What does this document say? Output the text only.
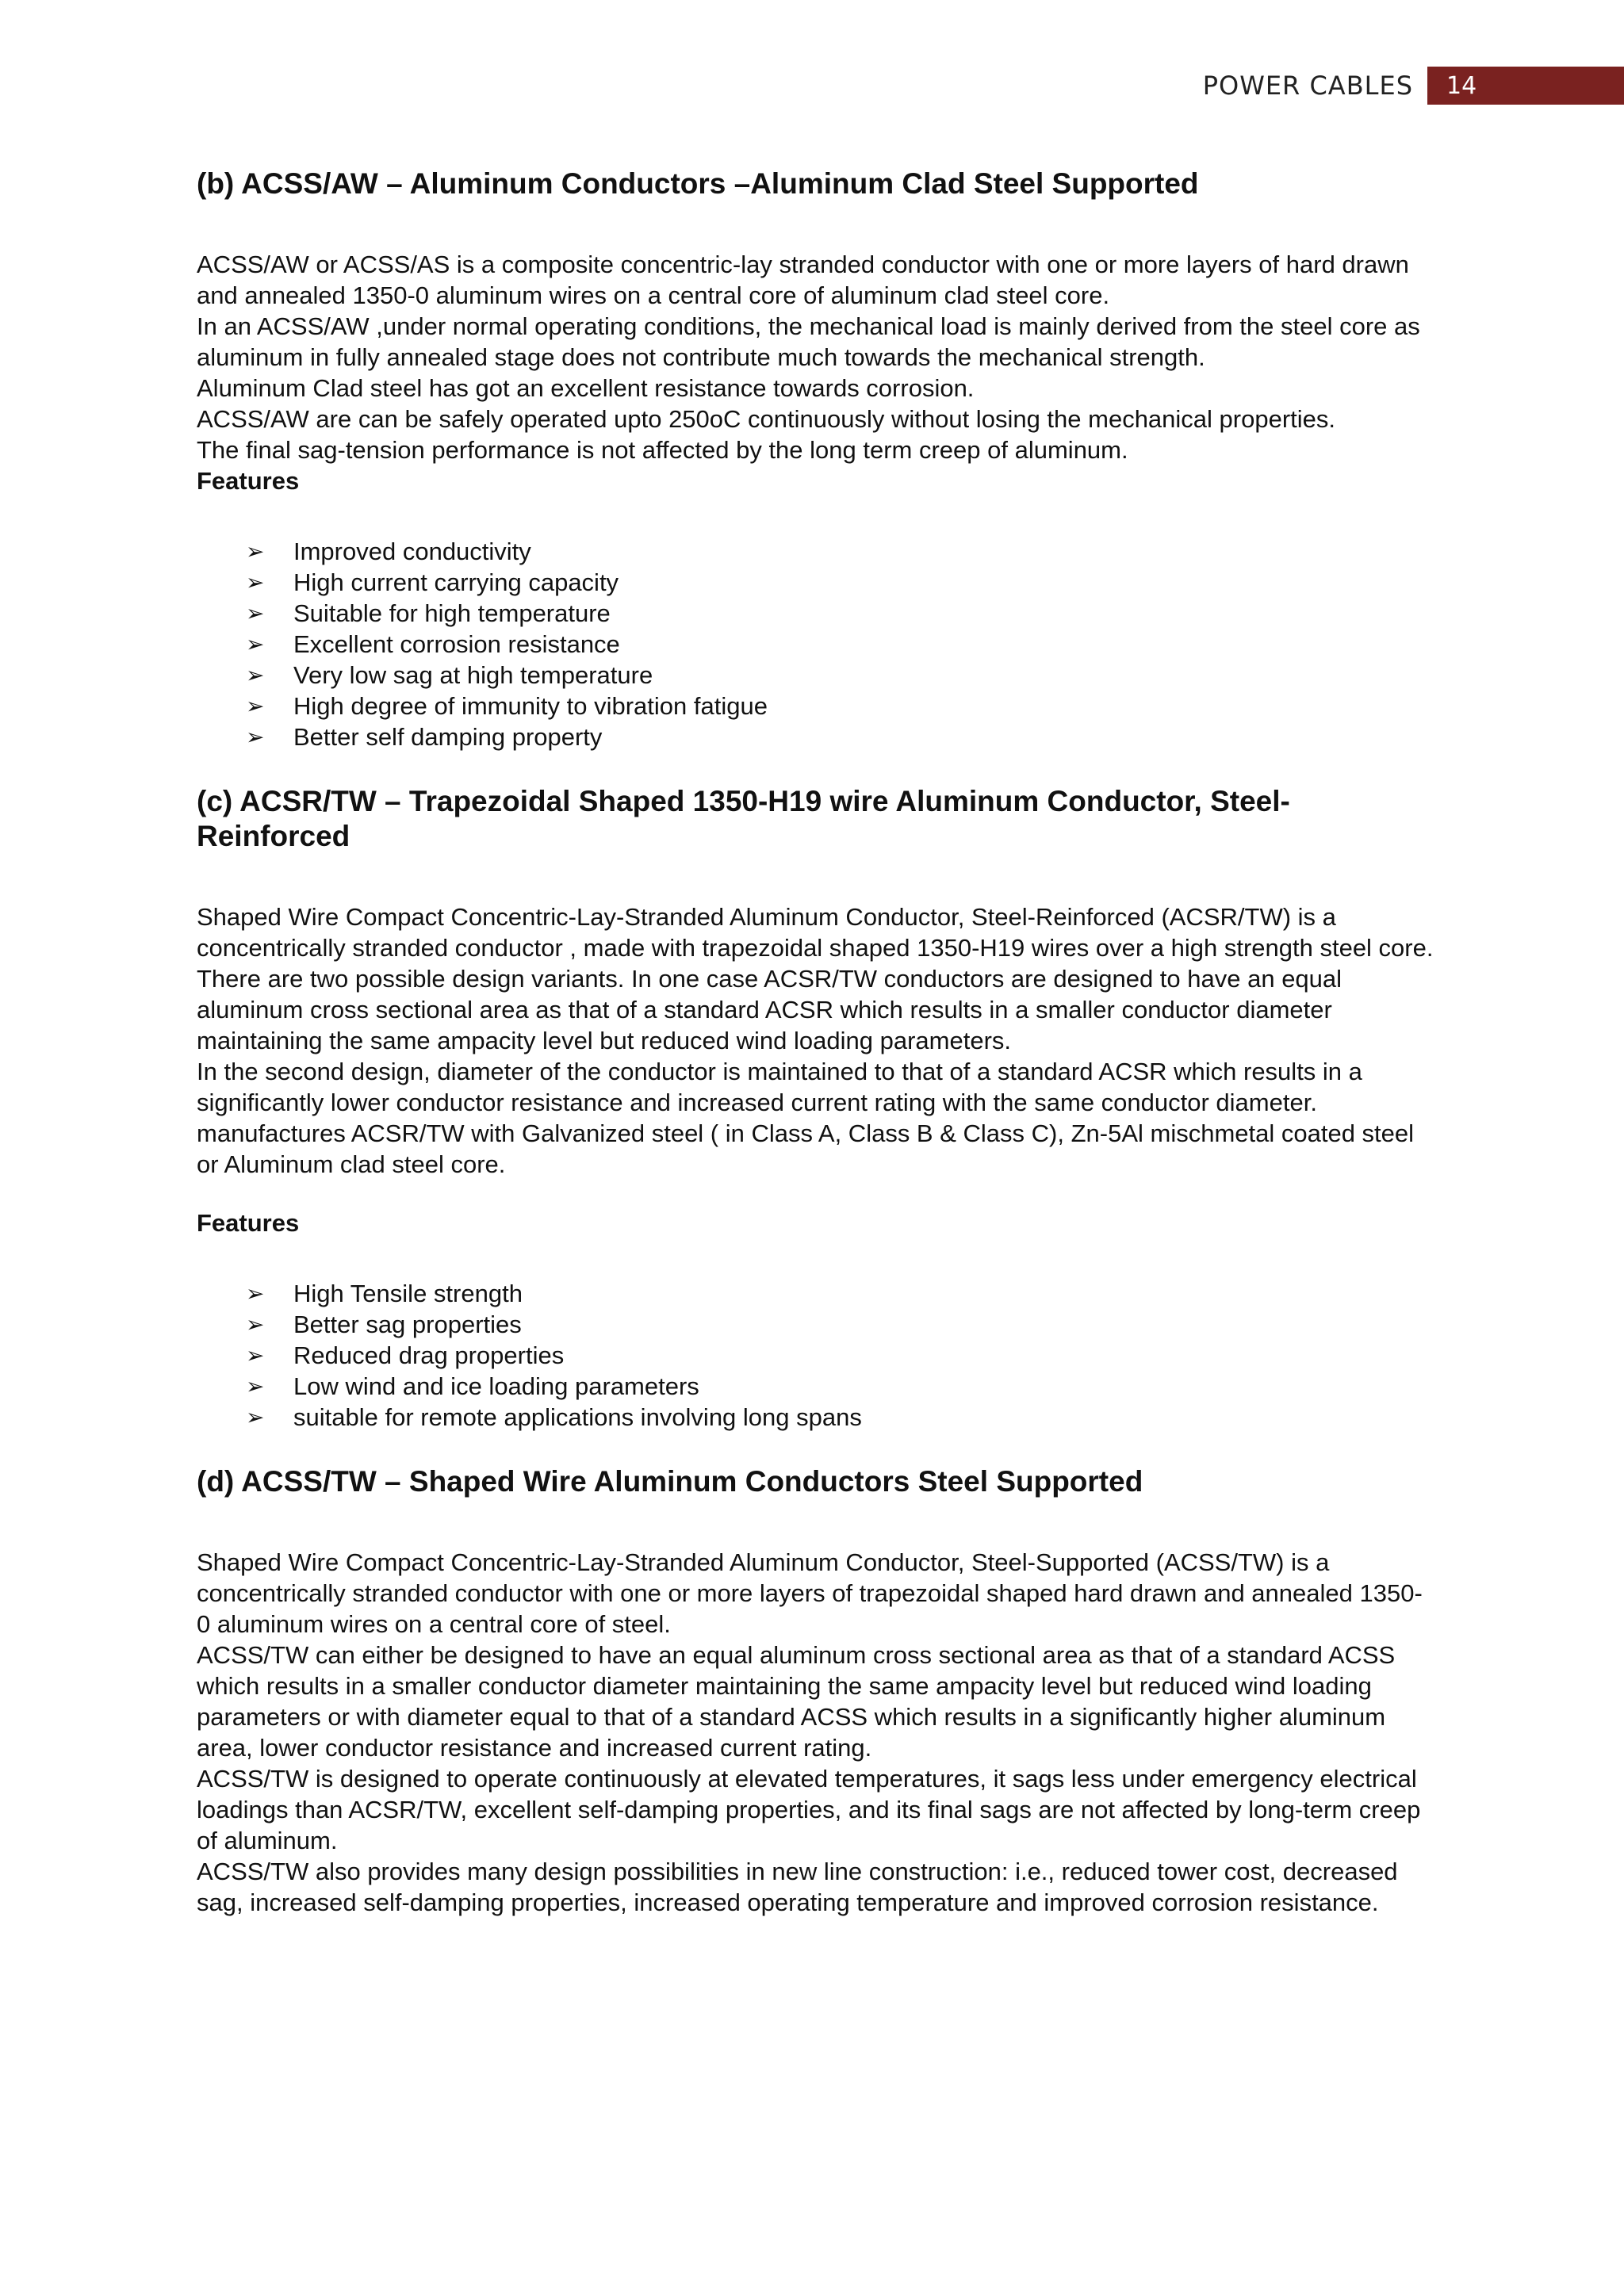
POWER CABLES	14
(b) ACSS/AW – Aluminum Conductors –Aluminum Clad Steel Supported

ACSS/AW or ACSS/AS is a composite concentric-lay stranded conductor with one or more layers of hard drawn and annealed 1350-0 aluminum wires on a central core of aluminum clad steel core.

In an ACSS/AW ,under normal operating conditions, the mechanical load is mainly derived from the steel core as aluminum in fully annealed stage does not contribute much towards the mechanical strength.

Aluminum Clad steel has got an excellent resistance towards corrosion.

ACSS/AW are can be safely operated upto 250oC continuously without losing the mechanical properties.

The final sag-tension performance is not affected by the long term creep of aluminum.

Features

➢ Improved conductivity
➢ High current carrying capacity
➢ Suitable for high temperature
➢ Excellent corrosion resistance
➢ Very low sag at high temperature
➢ High degree of immunity to vibration fatigue
➢ Better self damping property
(c) ACSR/TW – Trapezoidal Shaped 1350-H19 wire Aluminum Conductor, Steel-Reinforced

Shaped Wire Compact Concentric-Lay-Stranded Aluminum Conductor, Steel-Reinforced (ACSR/TW) is a concentrically stranded conductor , made with trapezoidal shaped 1350-H19 wires over a high strength steel core.

There are two possible design variants. In one case ACSR/TW conductors are designed to have an equal aluminum cross sectional area as that of a standard ACSR which results in a smaller conductor diameter maintaining the same ampacity level but reduced wind loading parameters.

In the second design, diameter of the conductor is maintained to that of a standard ACSR which results in a significantly lower conductor resistance and increased current rating with the same conductor diameter.

manufactures ACSR/TW with Galvanized steel ( in Class A, Class B & Class C), Zn-5Al mischmetal coated steel or Aluminum clad steel core.

Features

➢ High Tensile strength
➢ Better sag properties
➢ Reduced drag properties
➢ Low wind and ice loading parameters
➢ suitable for remote applications involving long spans
(d) ACSS/TW – Shaped Wire Aluminum Conductors Steel Supported

Shaped Wire Compact Concentric-Lay-Stranded Aluminum Conductor, Steel-Supported (ACSS/TW) is a concentrically stranded conductor with one or more layers of trapezoidal shaped hard drawn and annealed 1350-0 aluminum wires on a central core of steel.

ACSS/TW can either be designed to have an equal aluminum cross sectional area as that of a standard ACSS which results in a smaller conductor diameter maintaining the same ampacity level but reduced wind loading parameters or with diameter equal to that of a standard ACSS which results in a significantly higher aluminum area, lower conductor resistance and increased current rating.

ACSS/TW is designed to operate continuously at elevated temperatures, it sags less under emergency electrical loadings than ACSR/TW, excellent self-damping properties, and its final sags are not affected by long-term creep of aluminum.

ACSS/TW also provides many design possibilities in new line construction: i.e., reduced tower cost, decreased sag, increased self-damping properties, increased operating temperature and improved corrosion resistance.
